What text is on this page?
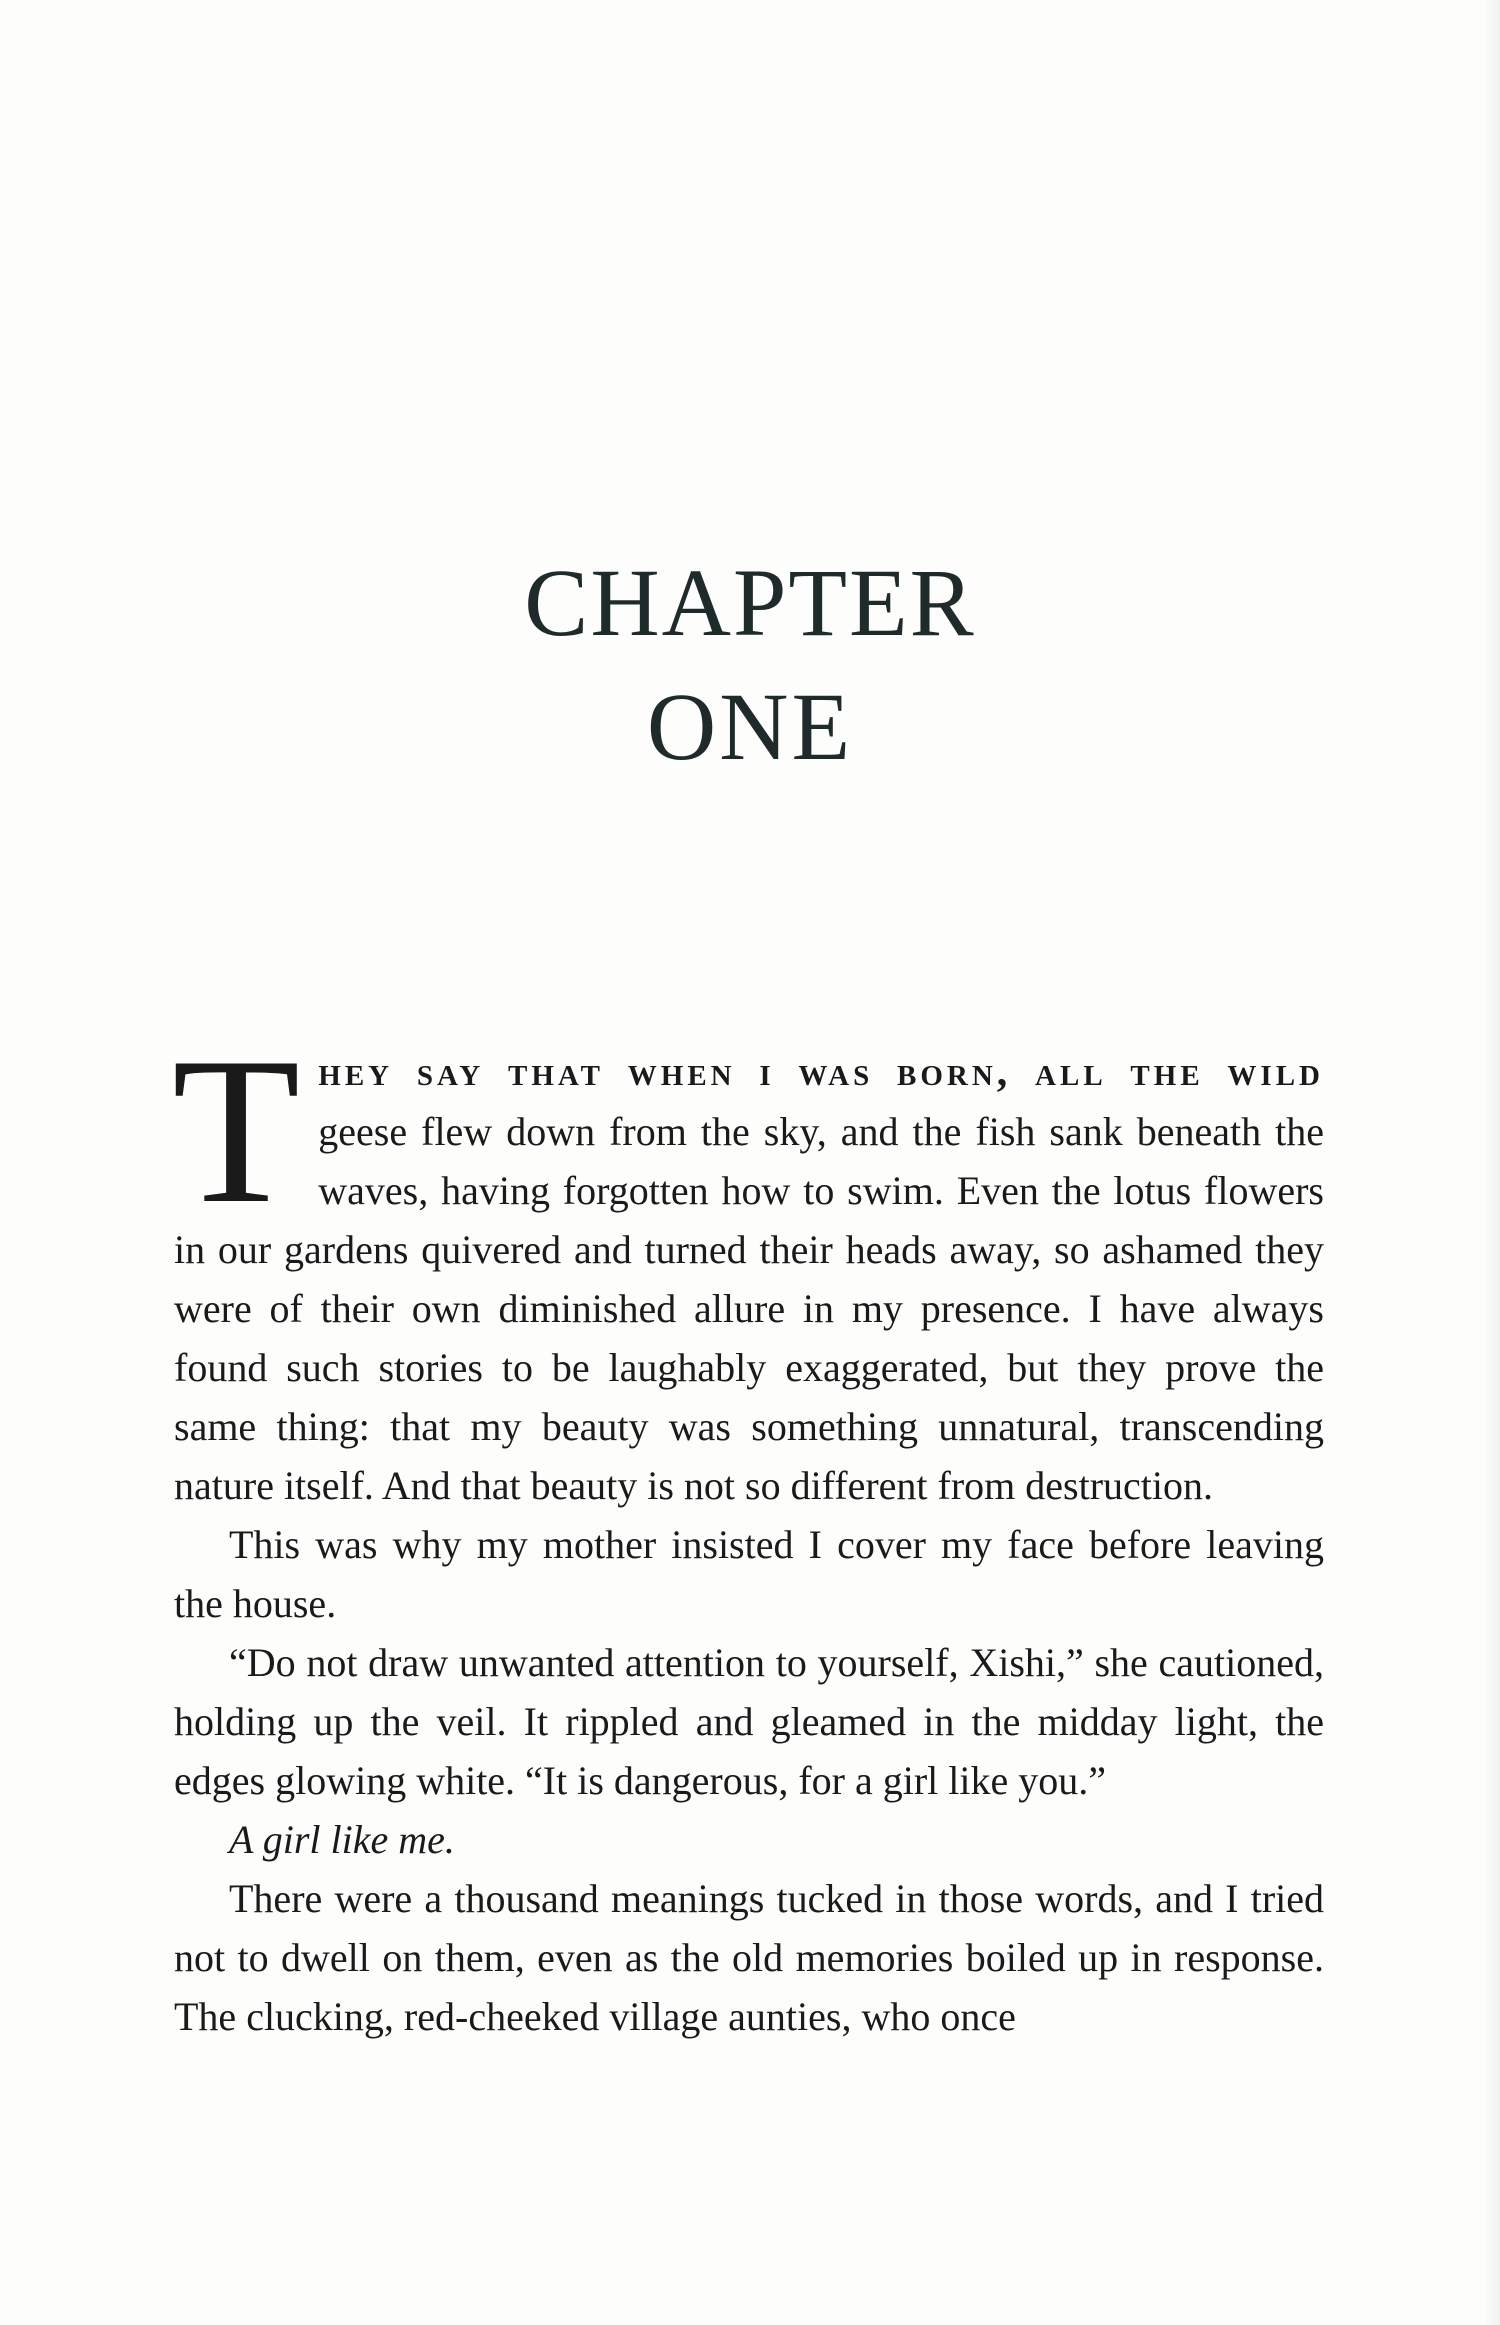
CHAPTER
ONE

T hey say that when i was born, all the wild geese flew down from the sky, and the fish sank beneath the waves, having forgotten how to swim. Even the lotus flowers in our gardens quivered and turned their heads away, so ashamed they were of their own diminished allure in my presence. I have always found such stories to be laughably exaggerated, but they prove the same thing: that my beauty was something unnatural, transcending nature itself. And that beauty is not so different from destruction.

This was why my mother insisted I cover my face before leaving the house.

“Do not draw unwanted attention to yourself, Xishi,” she cautioned, holding up the veil. It rippled and gleamed in the midday light, the edges glowing white. “It is dangerous, for a girl like you.”

A girl like me.

There were a thousand meanings tucked in those words, and I tried not to dwell on them, even as the old memories boiled up in response. The clucking, red-cheeked village aunties, who once
